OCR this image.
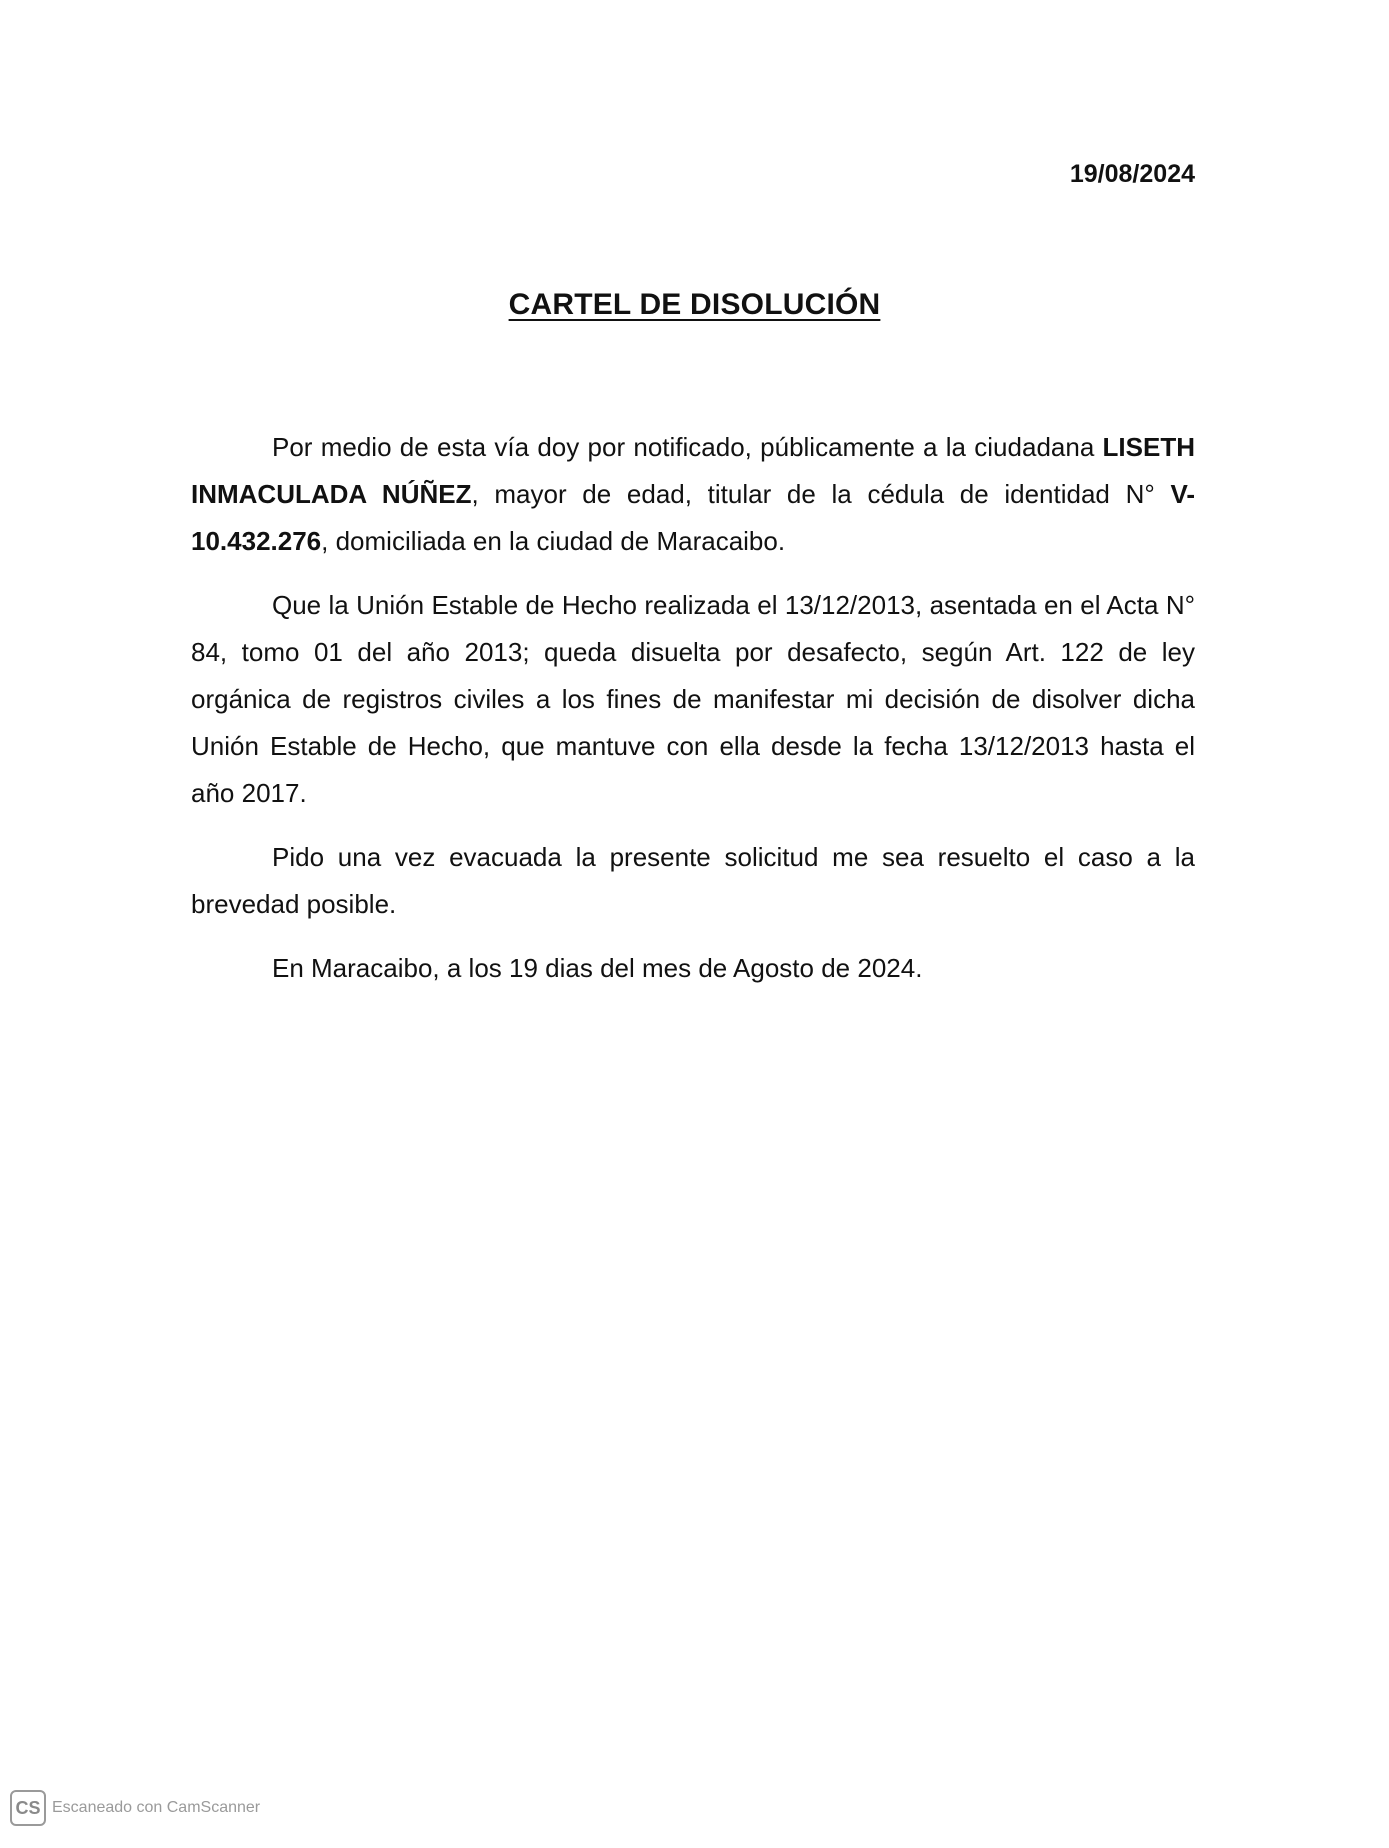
19/08/2024
CARTEL DE DISOLUCIÓN

Por medio de esta vía doy por notificado, públicamente a la ciudadana LISETH INMACULADA NÚÑEZ, mayor de edad, titular de la cédula de identidad N° V-10.432.276, domiciliada en la ciudad de Maracaibo.

Que la Unión Estable de Hecho realizada el 13/12/2013, asentada en el Acta N° 84, tomo 01 del año 2013; queda disuelta por desafecto, según Art. 122 de ley orgánica de registros civiles a los fines de manifestar mi decisión de disolver dicha Unión Estable de Hecho, que mantuve con ella desde la fecha 13/12/2013 hasta el año 2017.

Pido una vez evacuada la presente solicitud me sea resuelto el caso a la brevedad posible.

En Maracaibo, a los 19 dias del mes de Agosto de 2024.

CS Escaneado con CamScanner
